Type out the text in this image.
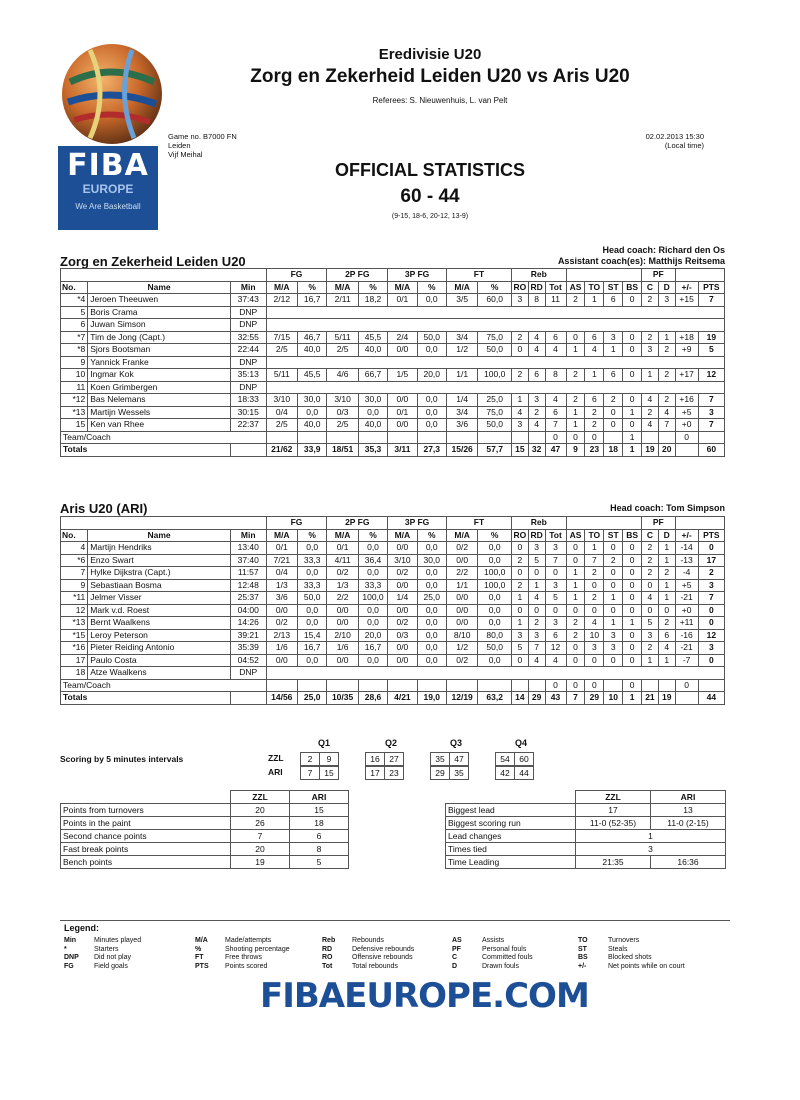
FIBA
EUROPE
We Are Basketball
Eredivisie U20
Zorg en Zekerheid Leiden U20 vs Aris U20
Referees: S. Nieuwenhuis, L. van Pelt
Game no. B7000 FN
Leiden
Vijf Meihal
02.02.2013 15:30
(Local time)
OFFICIAL STATISTICS
60 - 44
(9-15, 18-6, 20-12, 13-9)
Head coach: Richard den Os
Assistant coach(es): Matthijs Reitsema
Zorg en Zekerheid Leiden U20
			FG		2P FG		3P FG		FT		Reb							PF			
No.	Name	Min	M/A	%	M/A	%	M/A	%	M/A	%	RO	RD	Tot	AS	TO	ST	BS	C	D	+/-	PTS
*4	Jeroen Theeuwen	37:43	2/12	16,7	2/11	18,2	0/1	0,0	3/5	60,0	3	8	11	2	1	6	0	2	3	+15	7
5	Boris Crama	DNP																			
6	Juwan Simson	DNP																			
*7	Tim de Jong (Capt.)	32:55	7/15	46,7	5/11	45,5	2/4	50,0	3/4	75,0	2	4	6	0	6	3	0	2	1	+18	19
*8	Sjors Bootsman	22:44	2/5	40,0	2/5	40,0	0/0	0,0	1/2	50,0	0	4	4	1	4	1	0	3	2	+9	5
9	Yannick Franke	DNP																			
10	Ingmar Kok	35:13	5/11	45,5	4/6	66,7	1/5	20,0	1/1	100,0	2	6	8	2	1	6	0	1	2	+17	12
11	Koen Grimbergen	DNP																			
*12	Bas Nelemans	18:33	3/10	30,0	3/10	30,0	0/0	0,0	1/4	25,0	1	3	4	2	6	2	0	4	2	+16	7
*13	Martijn Wessels	30:15	0/4	0,0	0/3	0,0	0/1	0,0	3/4	75,0	4	2	6	1	2	0	1	2	4	+5	3
15	Ken van Rhee	22:37	2/5	40,0	2/5	40,0	0/0	0,0	3/6	50,0	3	4	7	1	2	0	0	4	7	+0	7
Team/Coach													0	0	0		1			0	
Totals			21/62	33,9	18/51	35,3	3/11	27,3	15/26	57,7	15	32	47	9	23	18	1	19	20		60
Aris U20 (ARI)	Head coach: Tom Simpson
			FG		2P FG		3P FG		FT		Reb							PF			
No.	Name	Min	M/A	%	M/A	%	M/A	%	M/A	%	RO	RD	Tot	AS	TO	ST	BS	C	D	+/-	PTS
4	Martijn Hendriks	13:40	0/1	0,0	0/1	0,0	0/0	0,0	0/2	0,0	0	3	3	0	1	0	0	2	1	-14	0
*6	Enzo Swart	37:40	7/21	33,3	4/11	36,4	3/10	30,0	0/0	0,0	2	5	7	0	7	2	0	2	1	-13	17
7	Hylke Dijkstra (Capt.)	11:57	0/4	0,0	0/2	0,0	0/2	0,0	2/2	100,0	0	0	0	1	2	0	0	2	2	-4	2
9	Sebastiaan Bosma	12:48	1/3	33,3	1/3	33,3	0/0	0,0	1/1	100,0	2	1	3	1	0	0	0	0	1	+5	3
*11	Jelmer Visser	25:37	3/6	50,0	2/2	100,0	1/4	25,0	0/0	0,0	1	4	5	1	2	1	0	4	1	-21	7
12	Mark v.d. Roest	04:00	0/0	0,0	0/0	0,0	0/0	0,0	0/0	0,0	0	0	0	0	0	0	0	0	0	+0	0
*13	Bernt Waalkens	14:26	0/2	0,0	0/0	0,0	0/2	0,0	0/0	0,0	1	2	3	2	4	1	1	5	2	+11	0
*15	Leroy Peterson	39:21	2/13	15,4	2/10	20,0	0/3	0,0	8/10	80,0	3	3	6	2	10	3	0	3	6	-16	12
*16	Pieter Reiding Antonio	35:39	1/6	16,7	1/6	16,7	0/0	0,0	1/2	50,0	5	7	12	0	3	3	0	2	4	-21	3
17	Paulo Costa	04:52	0/0	0,0	0/0	0,0	0/0	0,0	0/2	0,0	0	4	4	0	0	0	0	1	1	-7	0
18	Atze Waalkens	DNP																			
Team/Coach													0	0	0		0			0	
Totals			14/56	25,0	10/35	28,6	4/21	19,0	12/19	63,2	14	29	43	7	29	10	1	21	19		44
Scoring by 5 minutes intervals
Q1	Q2	Q3	Q4
ZZL	2	9	16	27	35	47	54	60
ARI	7	15	17	23	29	35	42	44
	ZZL	ARI
Points from turnovers	20	15
Points in the paint	26	18
Second chance points	7	6
Fast break points	20	8
Bench points	19	5
	ZZL	ARI
Biggest lead	17	13
Biggest scoring run	11-0 (52-35)	11-0 (2-15)
Lead changes	1	
Times tied	3	
Time Leading	21:35	16:36
Legend:
Min	Minutes played
*	Starters
DNP Did not play
FG	Field goals
M/A Made/attempts
%	Shooting percentage
FT	Free throws
PTS Points scored
Reb Rebounds
RD	Defensive rebounds
RO	Offensive rebounds
Tot	Total rebounds
AS	Assists
PF	Personal fouls
C	Committed fouls
D	Drawn fouls
TO	Turnovers
ST	Steals
BS	Blocked shots
+/-	Net points while on court
FIBAEUROPE.COM
